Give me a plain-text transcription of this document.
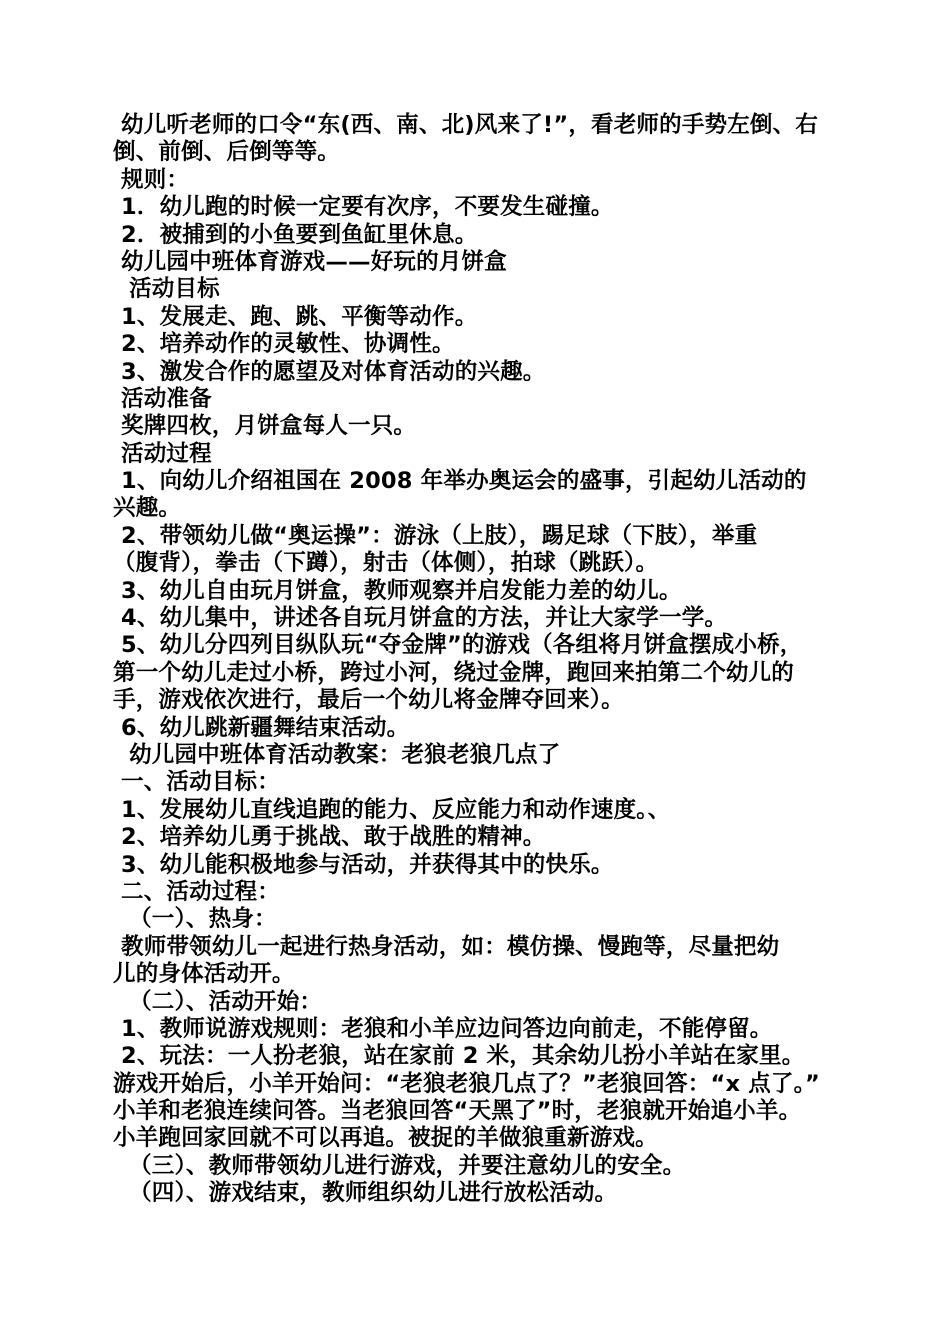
幼儿听老师的口令“东(西、南、北)风来了!”，看老师的手势左倒、右
倒、前倒、后倒等等。
规则：
1．幼儿跑的时候一定要有次序，不要发生碰撞。
2．被捕到的小鱼要到鱼缸里休息。
幼儿园中班体育游戏——好玩的月饼盒
活动目标
1、发展走、跑、跳、平衡等动作。
2、培养动作的灵敏性、协调性。
3、激发合作的愿望及对体育活动的兴趣。
活动准备
奖牌四枚，月饼盒每人一只。
活动过程
1、向幼儿介绍祖国在 2008 年举办奥运会的盛事，引起幼儿活动的
兴趣。
2、带领幼儿做“奥运操”：游泳（上肢），踢足球（下肢），举重
（腹背），拳击（下蹲），射击（体侧），拍球（跳跃）。
3、幼儿自由玩月饼盒，教师观察并启发能力差的幼儿。
4、幼儿集中，讲述各自玩月饼盒的方法，并让大家学一学。
5、幼儿分四列目纵队玩“夺金牌”的游戏（各组将月饼盒摆成小桥，
第一个幼儿走过小桥，跨过小河，绕过金牌，跑回来拍第二个幼儿的
手，游戏依次进行，最后一个幼儿将金牌夺回来）。
6、幼儿跳新疆舞结束活动。
幼儿园中班体育活动教案：老狼老狼几点了
一、活动目标：
1、发展幼儿直线追跑的能力、反应能力和动作速度。、
2、培养幼儿勇于挑战、敢于战胜的精神。
3、幼儿能积极地参与活动，并获得其中的快乐。
二、活动过程：
（一）、热身：
教师带领幼儿一起进行热身活动，如：模仿操、慢跑等，尽量把幼
儿的身体活动开。
（二）、活动开始：
1、教师说游戏规则：老狼和小羊应边问答边向前走，不能停留。
2、玩法：一人扮老狼，站在家前 2 米，其余幼儿扮小羊站在家里。
游戏开始后，小羊开始问：“老狼老狼几点了？”老狼回答：“x 点了。”
小羊和老狼连续问答。当老狼回答“天黑了”时，老狼就开始追小羊。
小羊跑回家回就不可以再追。被捉的羊做狼重新游戏。
（三）、教师带领幼儿进行游戏，并要注意幼儿的安全。
（四）、游戏结束，教师组织幼儿进行放松活动。
